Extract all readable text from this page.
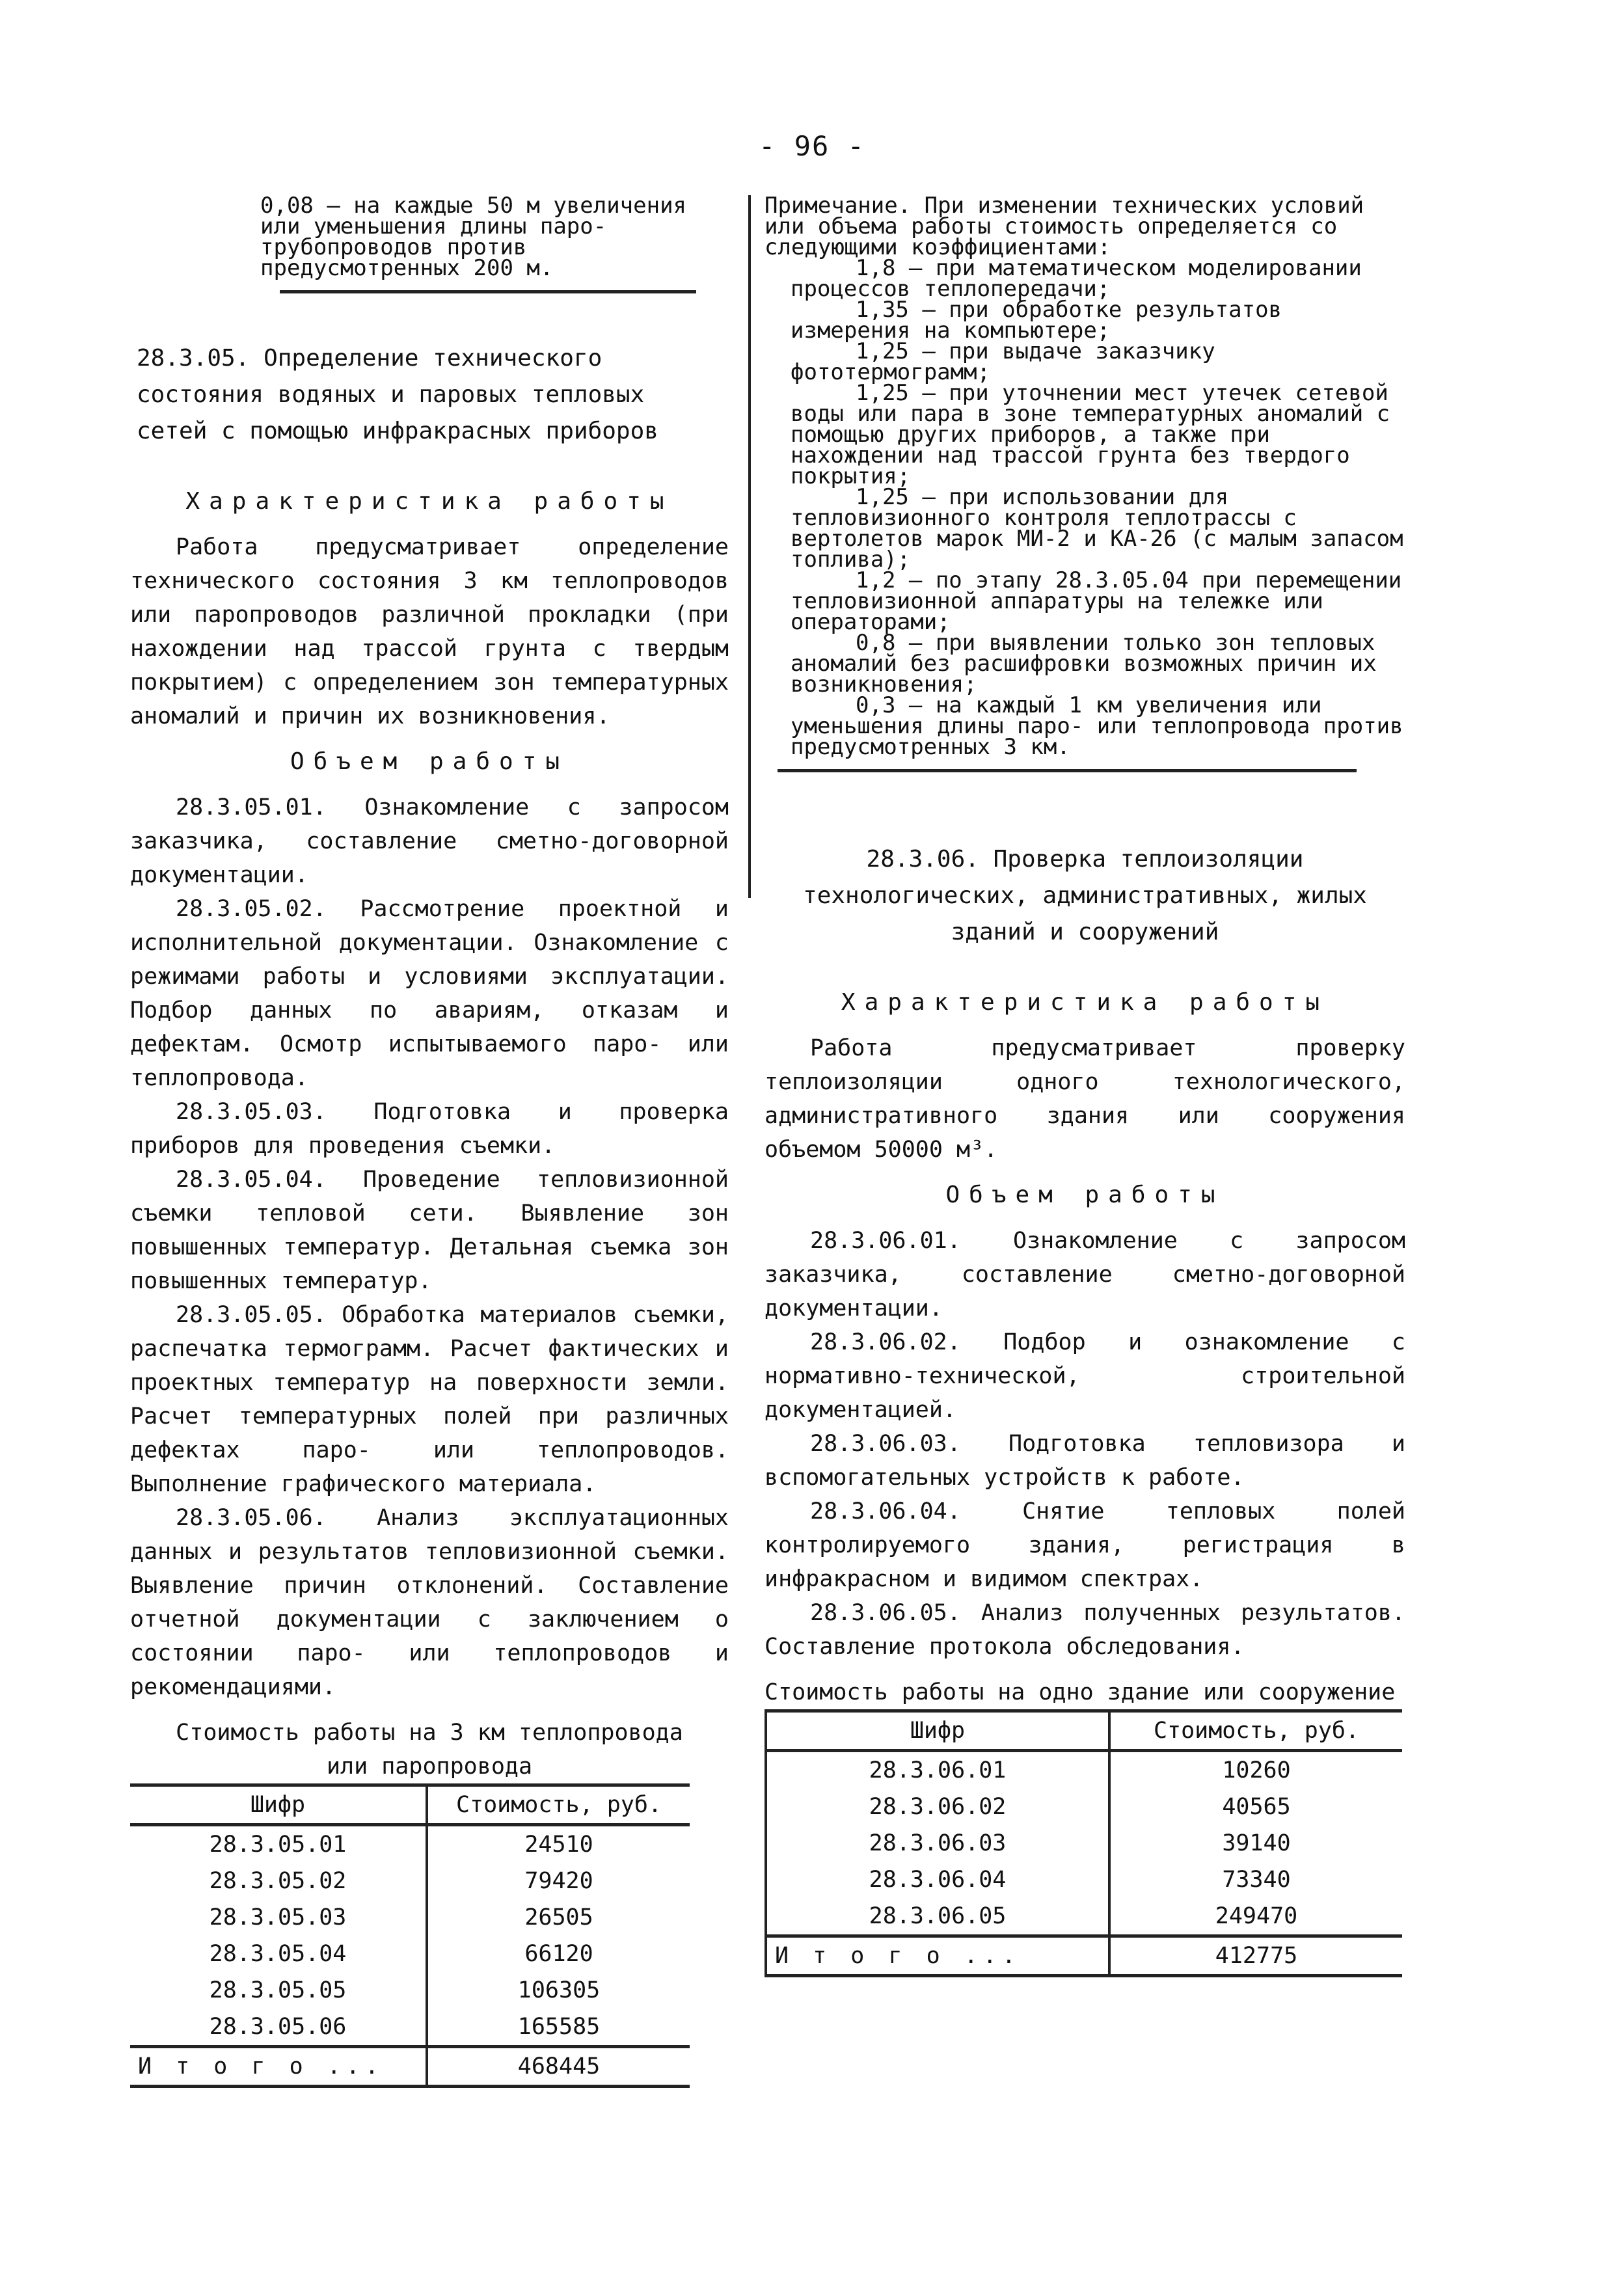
- 96 -

0,08 – на каждые 50 м увеличения или уменьшения длины паро-трубопроводов против предусмотренных 200 м.

28.3.05. Определение технического состояния водяных и паровых тепловых сетей с помощью инфракрасных приборов

Характеристика работы

Работа предусматривает определение технического состояния 3 км теплопроводов или паропроводов различной прокладки (при нахождении над трассой грунта с твердым покрытием) с определением зон температурных аномалий и причин их возникновения.

Объем работы

28.3.05.01. Ознакомление с запросом заказчика, составление сметно-договорной документации.

28.3.05.02. Рассмотрение проектной и исполнительной документации. Ознакомление с режимами работы и условиями эксплуатации. Подбор данных по авариям, отказам и дефектам. Осмотр испытываемого паро- или теплопровода.

28.3.05.03. Подготовка и проверка приборов для проведения съемки.

28.3.05.04. Проведение тепловизионной съемки тепловой сети. Выявление зон повышенных температур. Детальная съемка зон повышенных температур.

28.3.05.05. Обработка материалов съемки, распечатка термограмм. Расчет фактических и проектных температур на поверхности земли. Расчет температурных полей при различных дефектах паро- или теплопроводов. Выполнение графического материала.

28.3.05.06. Анализ эксплуатационных данных и результатов тепловизионной съемки. Выявление причин отклонений. Составление отчетной документации с заключением о состоянии паро- или теплопроводов и рекомендациями.

Стоимость работы на 3 км теплопровода или паропровода

Шифр	Стоимость, руб.
28.3.05.01	24510
28.3.05.02	79420
28.3.05.03	26505
28.3.05.04	66120
28.3.05.05	106305
28.3.05.06	165585
И т о г о ...	468445

Примечание. При изменении технических условий или объема работы стоимость определяется со следующими коэффициентами:

1,8 – при математическом моделировании процессов теплопередачи;

1,35 – при обработке результатов измерения на компьютере;

1,25 – при выдаче заказчику фототермограмм;

1,25 – при уточнении мест утечек сетевой воды или пара в зоне температурных аномалий с помощью других приборов, а также при нахождении над трассой грунта без твердого покрытия;

1,25 – при использовании для тепловизионного контроля теплотрассы с вертолетов марок МИ-2 и КА-26 (с малым запасом топлива);

1,2 – по этапу 28.3.05.04 при перемещении тепловизионной аппаратуры на тележке или операторами;

0,8 – при выявлении только зон тепловых аномалий без расшифровки возможных причин их возникновения;

0,3 – на каждый 1 км увеличения или уменьшения длины паро- или теплопровода против предусмотренных 3 км.

28.3.06. Проверка теплоизоляции технологических, административных, жилых зданий и сооружений

Характеристика работы

Работа предусматривает проверку теплоизоляции одного технологического, административного здания или сооружения объемом 50000 м³.

Объем работы

28.3.06.01. Ознакомление с запросом заказчика, составление сметно-договорной документации.

28.3.06.02. Подбор и ознакомление с нормативно-технической, строительной документацией.

28.3.06.03. Подготовка тепловизора и вспомогательных устройств к работе.

28.3.06.04. Снятие тепловых полей контролируемого здания, регистрация в инфракрасном и видимом спектрах.

28.3.06.05. Анализ полученных результатов. Составление протокола обследования.

Стоимость работы на одно здание или сооружение

Шифр	Стоимость, руб.
28.3.06.01	10260
28.3.06.02	40565
28.3.06.03	39140
28.3.06.04	73340
28.3.06.05	249470
И т о г о ...	412775
